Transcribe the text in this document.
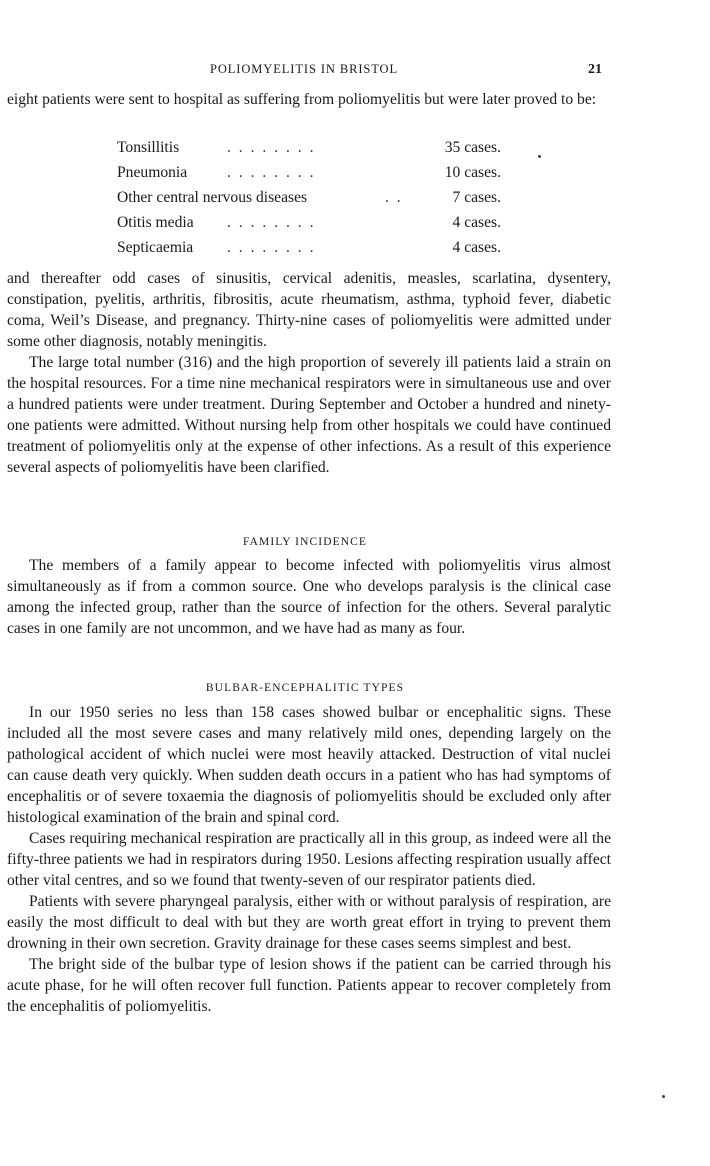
POLIOMYELITIS IN BRISTOL	21

eight patients were sent to hospital as suffering from poliomyelitis but were later proved to be:

Tonsillitis	. . . . . . . .	35 cases.
Pneumonia	. . . . . . . .	10 cases.
Other central nervous diseases	. .	7 cases.
Otitis media . . . . . . . .	4 cases.
Septicaemia . . . . . . . .	4 cases.

and thereafter odd cases of sinusitis, cervical adenitis, measles, scarlatina, dysentery, constipation, pyelitis, arthritis, fibrositis, acute rheumatism, asthma, typhoid fever, diabetic coma, Weil’s Disease, and pregnancy. Thirty-nine cases of poliomyelitis were admitted under some other diagnosis, notably meningitis.

The large total number (316) and the high proportion of severely ill patients laid a strain on the hospital resources. For a time nine mechanical respirators were in simultaneous use and over a hundred patients were under treatment. During September and October a hundred and ninety-one patients were admitted. Without nursing help from other hospitals we could have continued treatment of poliomyelitis only at the expense of other infections. As a result of this experience several aspects of poliomyelitis have been clarified.

FAMILY INCIDENCE

The members of a family appear to become infected with poliomyelitis virus almost simultaneously as if from a common source. One who develops paralysis is the clinical case among the infected group, rather than the source of infection for the others. Several paralytic cases in one family are not uncommon, and we have had as many as four.

BULBAR-ENCEPHALITIC TYPES

In our 1950 series no less than 158 cases showed bulbar or encephalitic signs. These included all the most severe cases and many relatively mild ones, depending largely on the pathological accident of which nuclei were most heavily attacked. Destruction of vital nuclei can cause death very quickly. When sudden death occurs in a patient who has had symptoms of encephalitis or of severe toxaemia the diagnosis of poliomyelitis should be excluded only after histological examination of the brain and spinal cord.

Cases requiring mechanical respiration are practically all in this group, as indeed were all the fifty-three patients we had in respirators during 1950. Lesions affecting respiration usually affect other vital centres, and so we found that twenty-seven of our respirator patients died.

Patients with severe pharyngeal paralysis, either with or without paralysis of respiration, are easily the most difficult to deal with but they are worth great effort in trying to prevent them drowning in their own secretion. Gravity drainage for these cases seems simplest and best.

The bright side of the bulbar type of lesion shows if the patient can be carried through his acute phase, for he will often recover full function. Patients appear to recover completely from the encephalitis of poliomyelitis.
